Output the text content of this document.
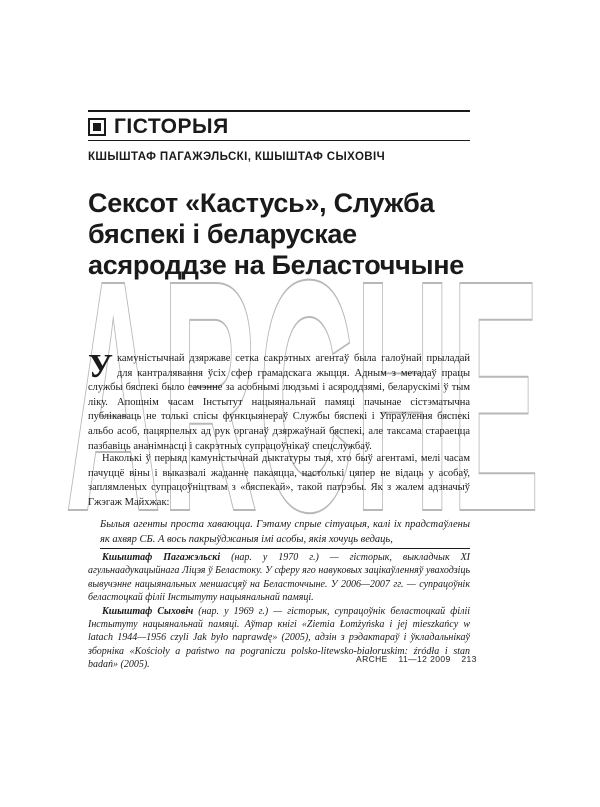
ГІСТОРЫЯ
КШЫШТАФ ПАГАЖЭЛЬСКІ, КШЫШТАФ СЫХОВІЧ
ARCHE
Сексот «Кастусь», Служба
бяспекі і беларускае
асяроддзе на Беласточчыне
У камуністычнай дзяржаве сетка сакрэтных агентаў была галоўнай прыладай для кантралявання ўсіх сфер грамадскага жыцця. Адным з метадаў працы службы бяспекі было сачэнне за асобнымі людзьмі і асяроддзямі, беларускімі ў тым ліку. Апошнім часам Інстытут нацыянальнай памяці пачынае сістэматычна публікаваць не толькі спісы функцыянераў Службы бяспекі і Упраўлення бяспекі альбо асоб, пацярпелых ад рук органаў дзяржаўнай бяспекі, але таксама стараецца пазбавіць ананімнасці і сакрэтных супрацоўнікаў спецслужбаў.

Наколькі ў перыяд камуністычнай дыктатуры тыя, хто быў агентамі, мелі часам пачуццё віны і выказвалі жаданне пакаяцца, настолькі цяпер не відаць у асобаў, заплямленых супрацоўніцтвам з «бяспекай», такой патрэбы. Як з жалем адзначыў Гжэгаж Майхжак:
Былыя агенты проста хаваюцца. Гэтаму спрые сітуацыя, калі іх прадстаўлены як ахвяр СБ. А вось пакрыўджаныя імі асобы, якія хочуць ведаць,

Кшыштаф Пагажэльскі (нар. у 1970 г.) — гісторык, выкладчык XI агульнаадукацыйнага Ліцэя ў Беластоку. У сферу яго навуковых зацікаўленняў уваходзіць вывучэнне нацыянальных меншасцяў на Беласточчыне. У 2006—2007 гг. — супрацоўнік беластоцкай філіі Інстытуту нацыянальнай памяці.

Кшыштаф Сыховіч (нар. у 1969 г.) — гісторык, супрацоўнік беластоцкай філіі Інстытуту нацыянальнай памяці. Аўтар кнігі «Ziemia Łomżyńska i jej mieszkańcy w latach 1944—1956 czyli Jak było naprawdę» (2005), адзін з рэдактараў і ўкладальнікаў зборніка «Kościoły a państwo na pograniczu polsko-litewsko-białoruskim: źródła i stan badań» (2005).

ARCHE 11—12 2009 213
